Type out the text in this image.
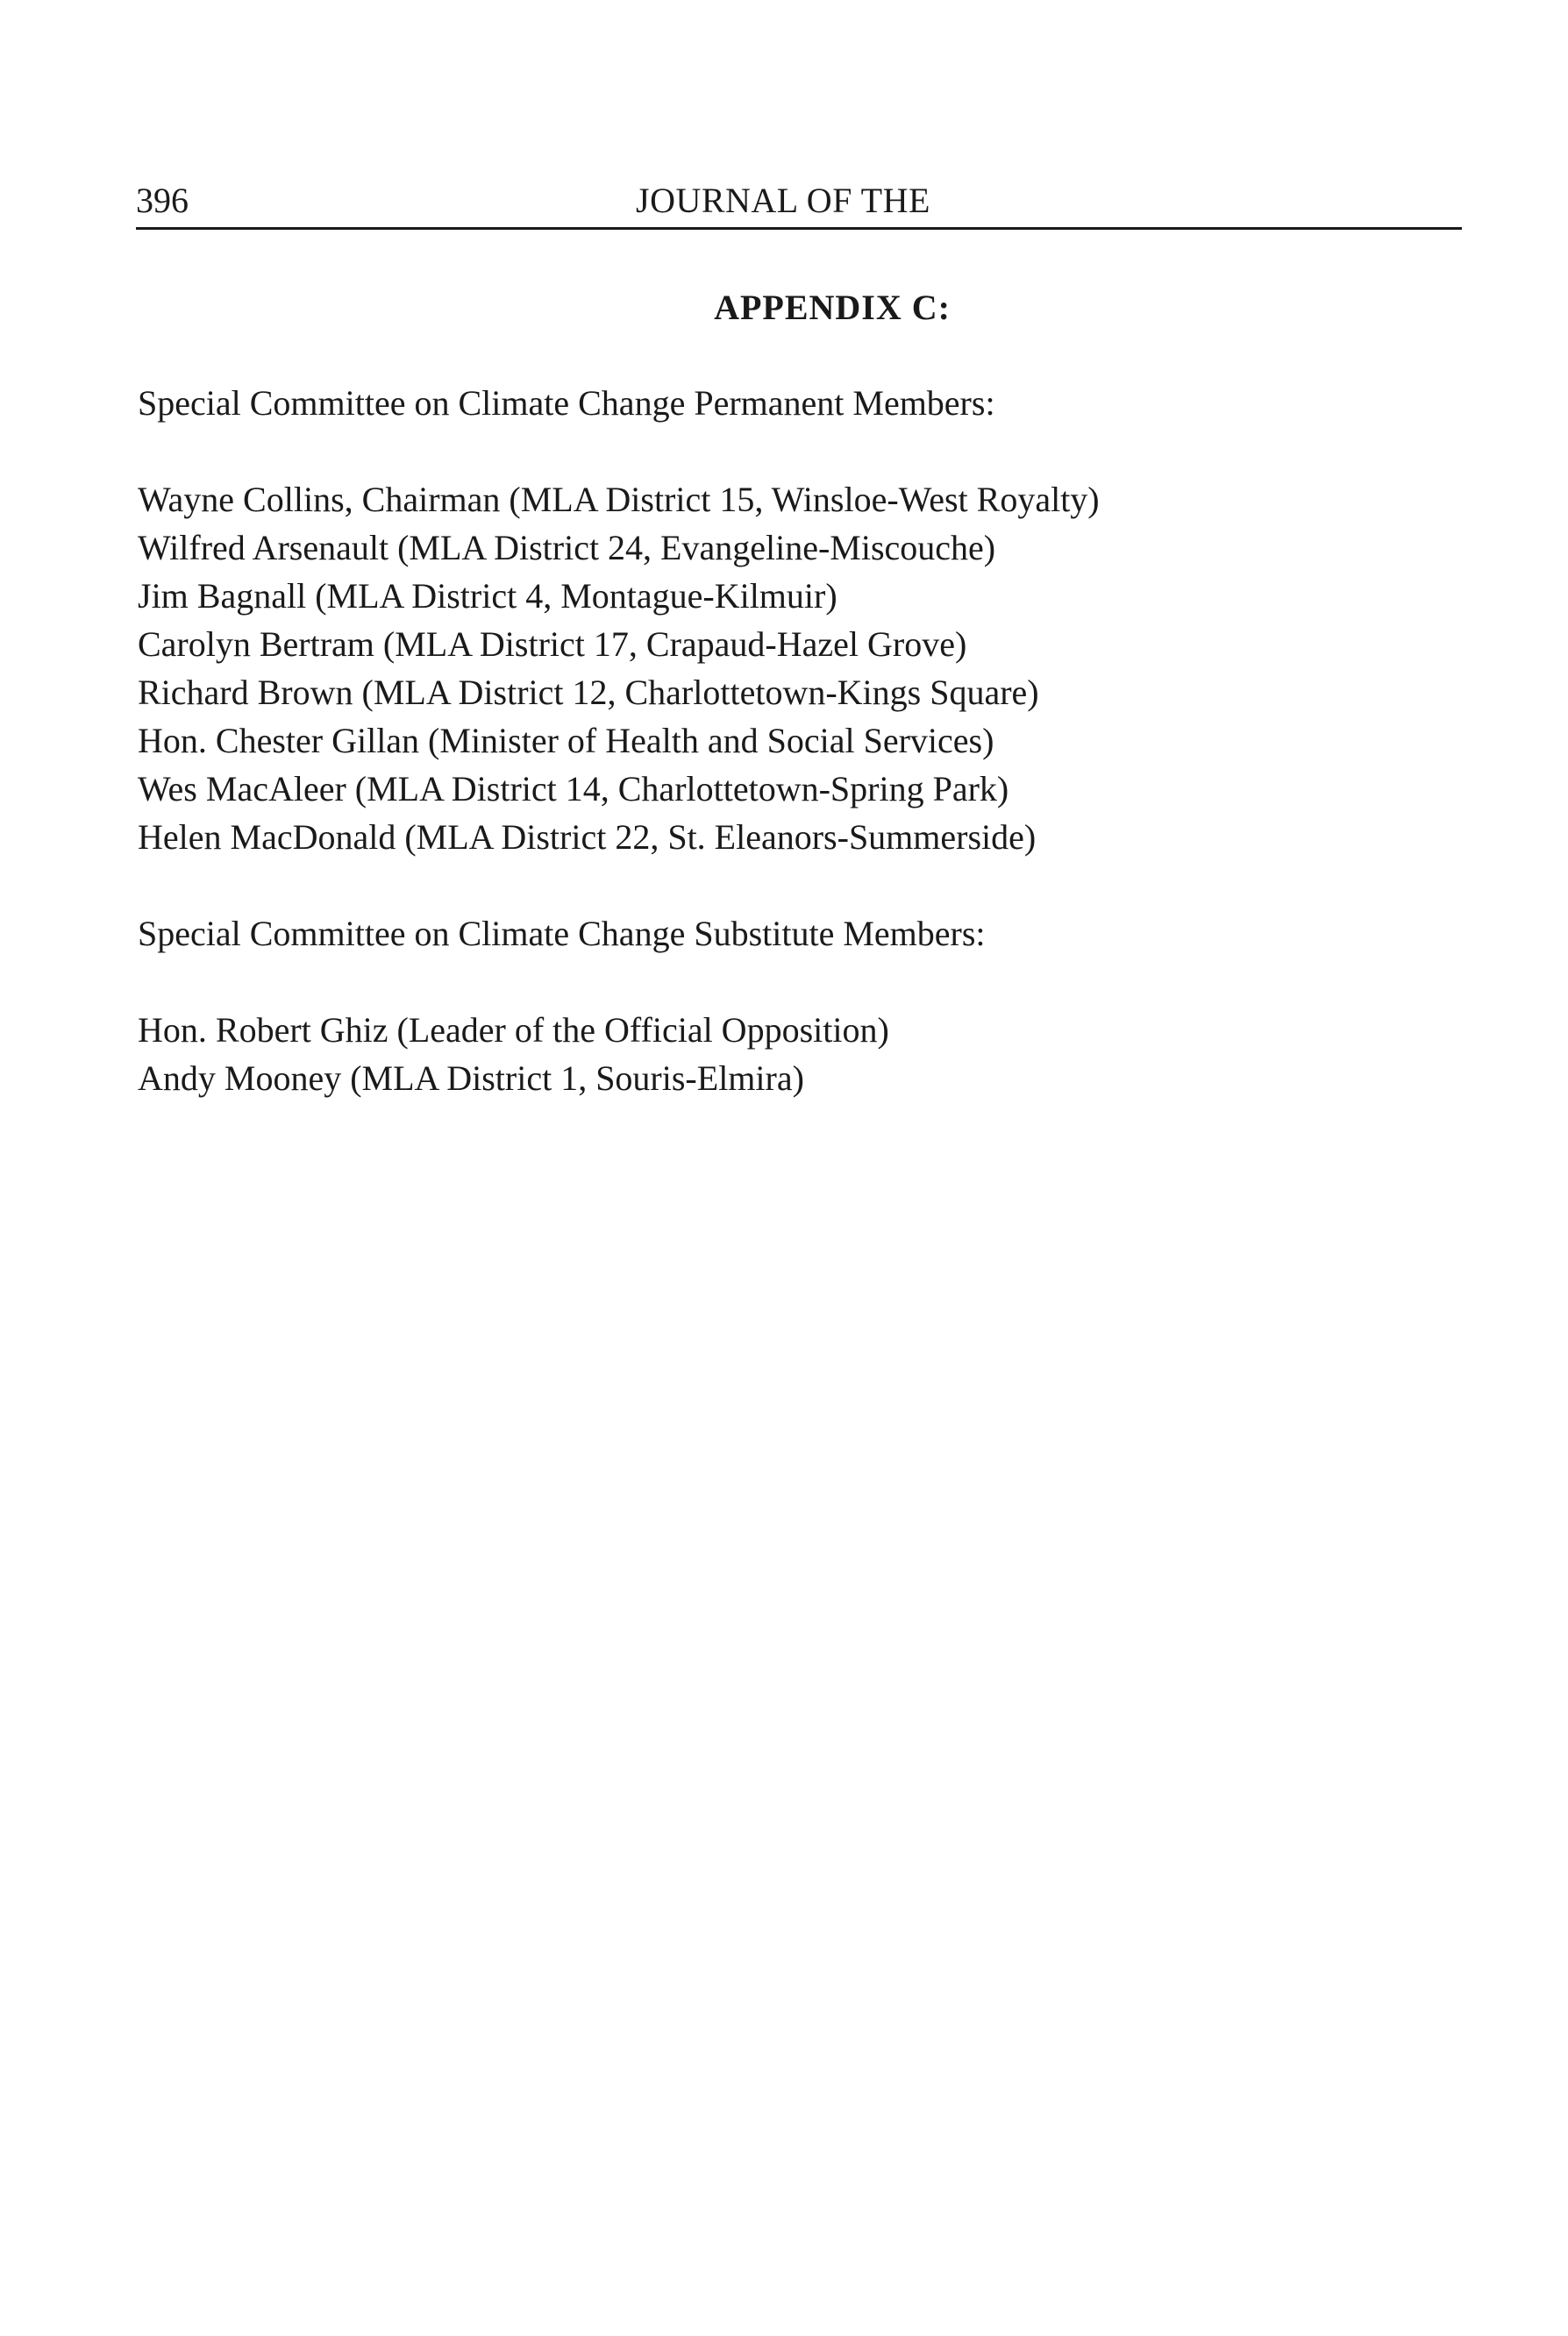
396	JOURNAL OF THE
APPENDIX C:

Special Committee on Climate Change Permanent Members:

Wayne Collins, Chairman (MLA District 15, Winsloe-West Royalty)
Wilfred Arsenault (MLA District 24, Evangeline-Miscouche)
Jim Bagnall (MLA District 4, Montague-Kilmuir)
Carolyn Bertram (MLA District 17, Crapaud-Hazel Grove)
Richard Brown (MLA District 12, Charlottetown-Kings Square)
Hon. Chester Gillan (Minister of Health and Social Services)
Wes MacAleer (MLA District 14, Charlottetown-Spring Park)
Helen MacDonald (MLA District 22, St. Eleanors-Summerside)

Special Committee on Climate Change Substitute Members:

Hon. Robert Ghiz (Leader of the Official Opposition)
Andy Mooney (MLA District 1, Souris-Elmira)
